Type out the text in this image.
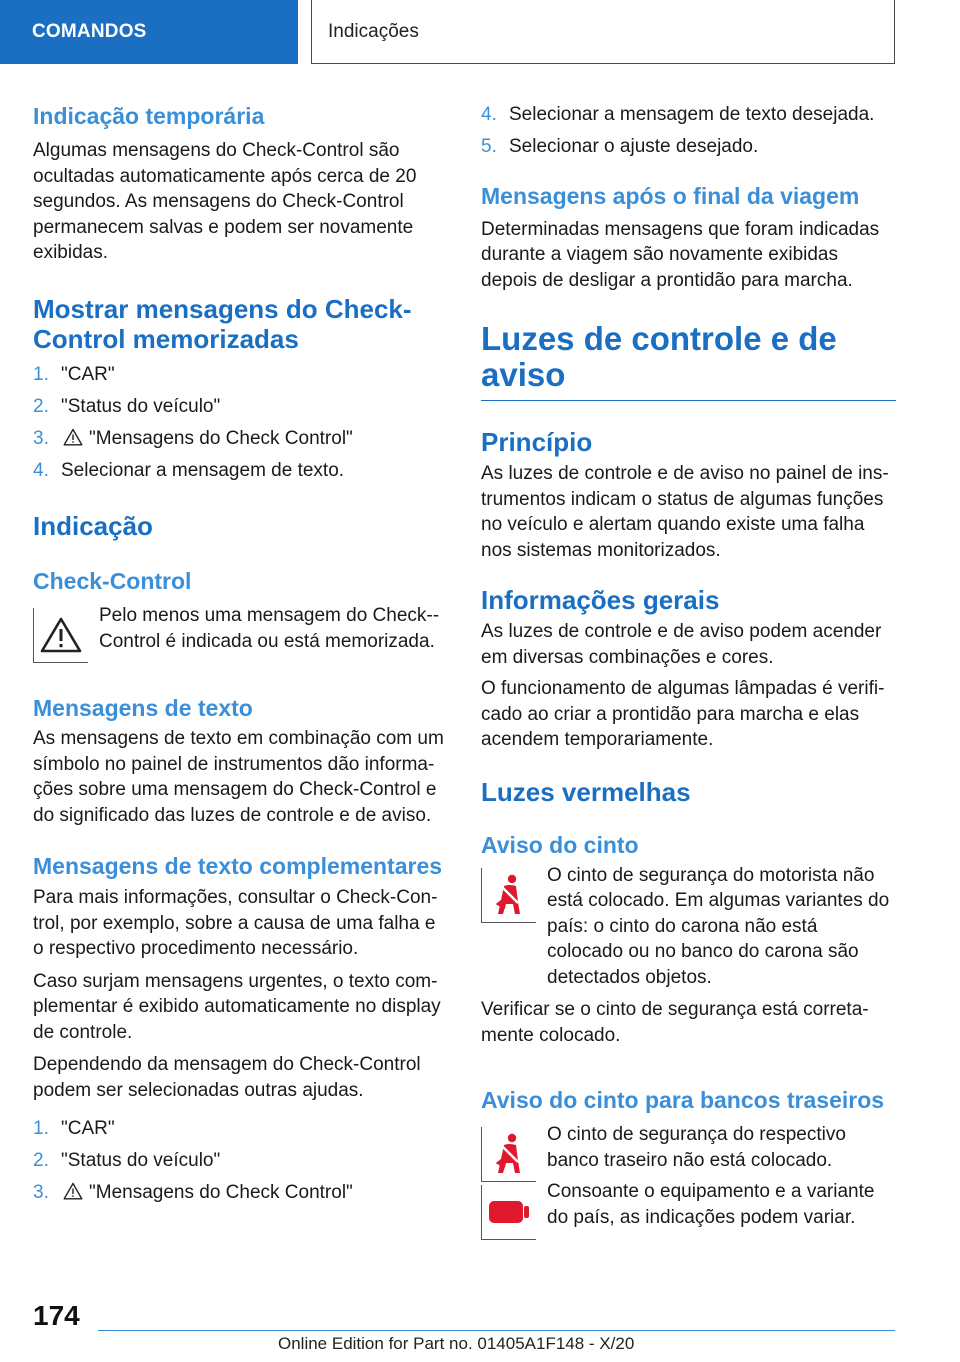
COMANDOS	Indicações
Indicação temporária

Algumas mensagens do Check-Control são ocultadas automaticamente após cerca de 20 segundos. As mensagens do Check-Control permanecem salvas e podem ser novamente exibidas.

Mostrar mensagens do Check-Control memorizadas
1. "CAR"
2. "Status do veículo"
3. "Mensagens do Check Control"
4. Selecionar a mensagem de texto.
Indicação
Check-Control

Pelo menos uma mensagem do Check--Control é indicada ou está memorizada.

Mensagens de texto

As mensagens de texto em combinação com um símbolo no painel de instrumentos dão informa-ções sobre uma mensagem do Check-Control e do significado das luzes de controle e de aviso.

Mensagens de texto complementares

Para mais informações, consultar o Check-Con-trol, por exemplo, sobre a causa de uma falha e o respectivo procedimento necessário.

Caso surjam mensagens urgentes, o texto com-plementar é exibido automaticamente no display de controle.

Dependendo da mensagem do Check-Control podem ser selecionadas outras ajudas.

1. "CAR"
2. "Status do veículo"
3. "Mensagens do Check Control"
4. Selecionar a mensagem de texto desejada.
5. Selecionar o ajuste desejado.
Mensagens após o final da viagem

Determinadas mensagens que foram indicadas durante a viagem são novamente exibidas depois de desligar a prontidão para marcha.

Luzes de controle e de aviso
Princípio

As luzes de controle e de aviso no painel de ins-trumentos indicam o status de algumas funções no veículo e alertam quando existe uma falha nos sistemas monitorizados.

Informações gerais

As luzes de controle e de aviso podem acender em diversas combinações e cores.

O funcionamento de algumas lâmpadas é verifi-cado ao criar a prontidão para marcha e elas acendem temporariamente.

Luzes vermelhas
Aviso do cinto

O cinto de segurança do motorista não está colocado. Em algumas variantes do país: o cinto do carona não está colocado ou no banco do carona são detectados objetos.

Verificar se o cinto de segurança está correta-mente colocado.

Aviso do cinto para bancos traseiros

O cinto de segurança do respectivo banco traseiro não está colocado.

Consoante o equipamento e a variante do país, as indicações podem variar.

174
Online Edition for Part no. 01405A1F148 - X/20
